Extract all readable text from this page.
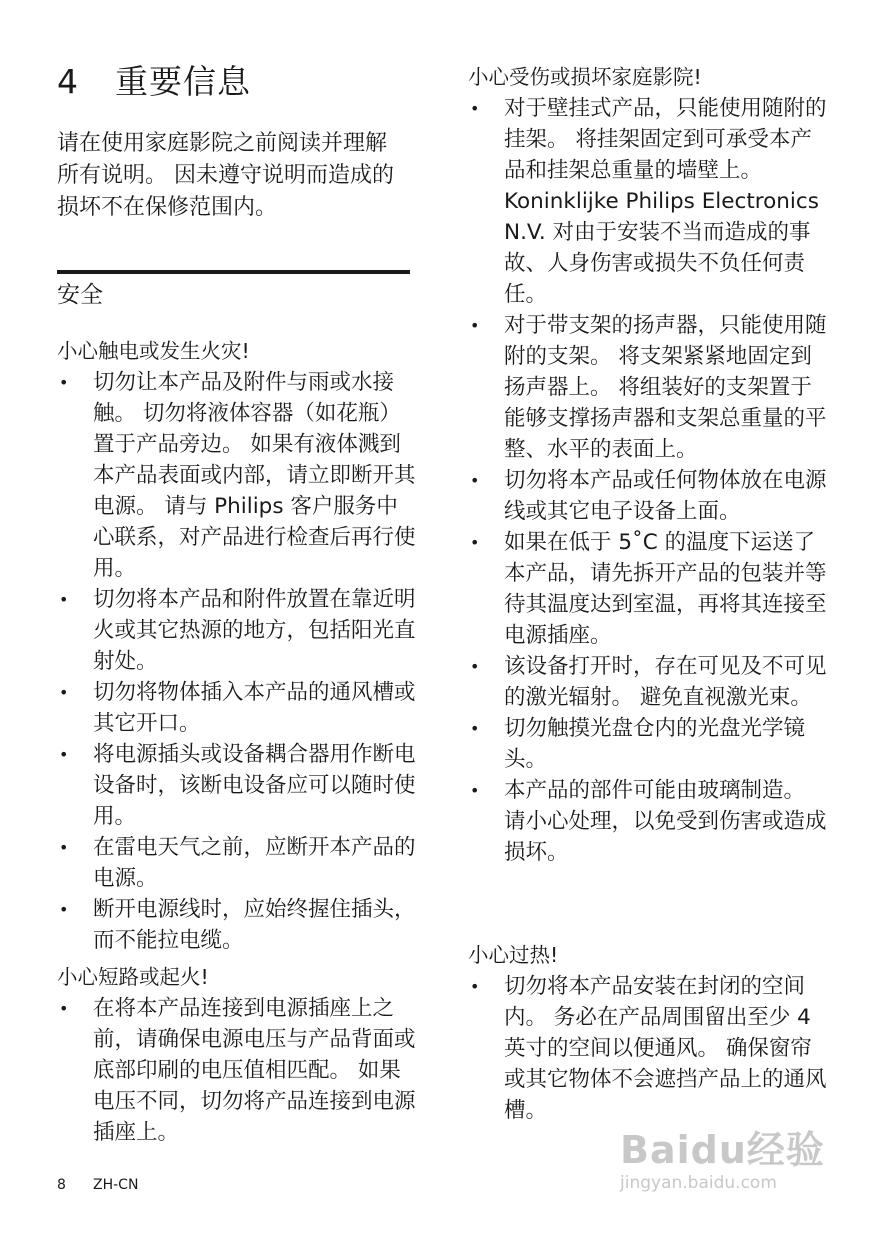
4 重要信息
请在使用家庭影院之前阅读并理解所有说明。 因未遵守说明而造成的损坏不在保修范围内。
安全
小心触电或发生火灾!
• 切勿让本产品及附件与雨或水接触。 切勿将液体容器（如花瓶）置于产品旁边。 如果有液体溅到本产品表面或内部，请立即断开其电源。 请与 Philips 客户服务中心联系，对产品进行检查后再行使用。
• 切勿将本产品和附件放置在靠近明火或其它热源的地方，包括阳光直射处。
• 切勿将物体插入本产品的通风槽或其它开口。
• 将电源插头或设备耦合器用作断电设备时，该断电设备应可以随时使用。
• 在雷电天气之前，应断开本产品的电源。
• 断开电源线时，应始终握住插头，而不能拉电缆。
小心短路或起火!
• 在将本产品连接到电源插座上之前，请确保电源电压与产品背面或底部印刷的电压值相匹配。 如果电压不同，切勿将产品连接到电源插座上。
小心受伤或损坏家庭影院!
• 对于壁挂式产品，只能使用随附的挂架。 将挂架固定到可承受本产品和挂架总重量的墙壁上。 Koninklijke Philips Electronics N.V. 对由于安装不当而造成的事故、人身伤害或损失不负任何责任。
• 对于带支架的扬声器，只能使用随附的支架。 将支架紧紧地固定到扬声器上。 将组装好的支架置于能够支撑扬声器和支架总重量的平整、水平的表面上。
• 切勿将本产品或任何物体放在电源线或其它电子设备上面。
• 如果在低于 5˚C 的温度下运送了本产品，请先拆开产品的包装并等待其温度达到室温，再将其连接至电源插座。
• 该设备打开时，存在可见及不可见的激光辐射。 避免直视激光束。
• 切勿触摸光盘仓内的光盘光学镜头。
• 本产品的部件可能由玻璃制造。 请小心处理，以免受到伤害或造成损坏。
小心过热!
• 切勿将本产品安装在封闭的空间内。 务必在产品周围留出至少 4 英寸的空间以便通风。 确保窗帘或其它物体不会遮挡产品上的通风槽。
8 ZH-CN
Baidu经验
jingyan.baidu.com
